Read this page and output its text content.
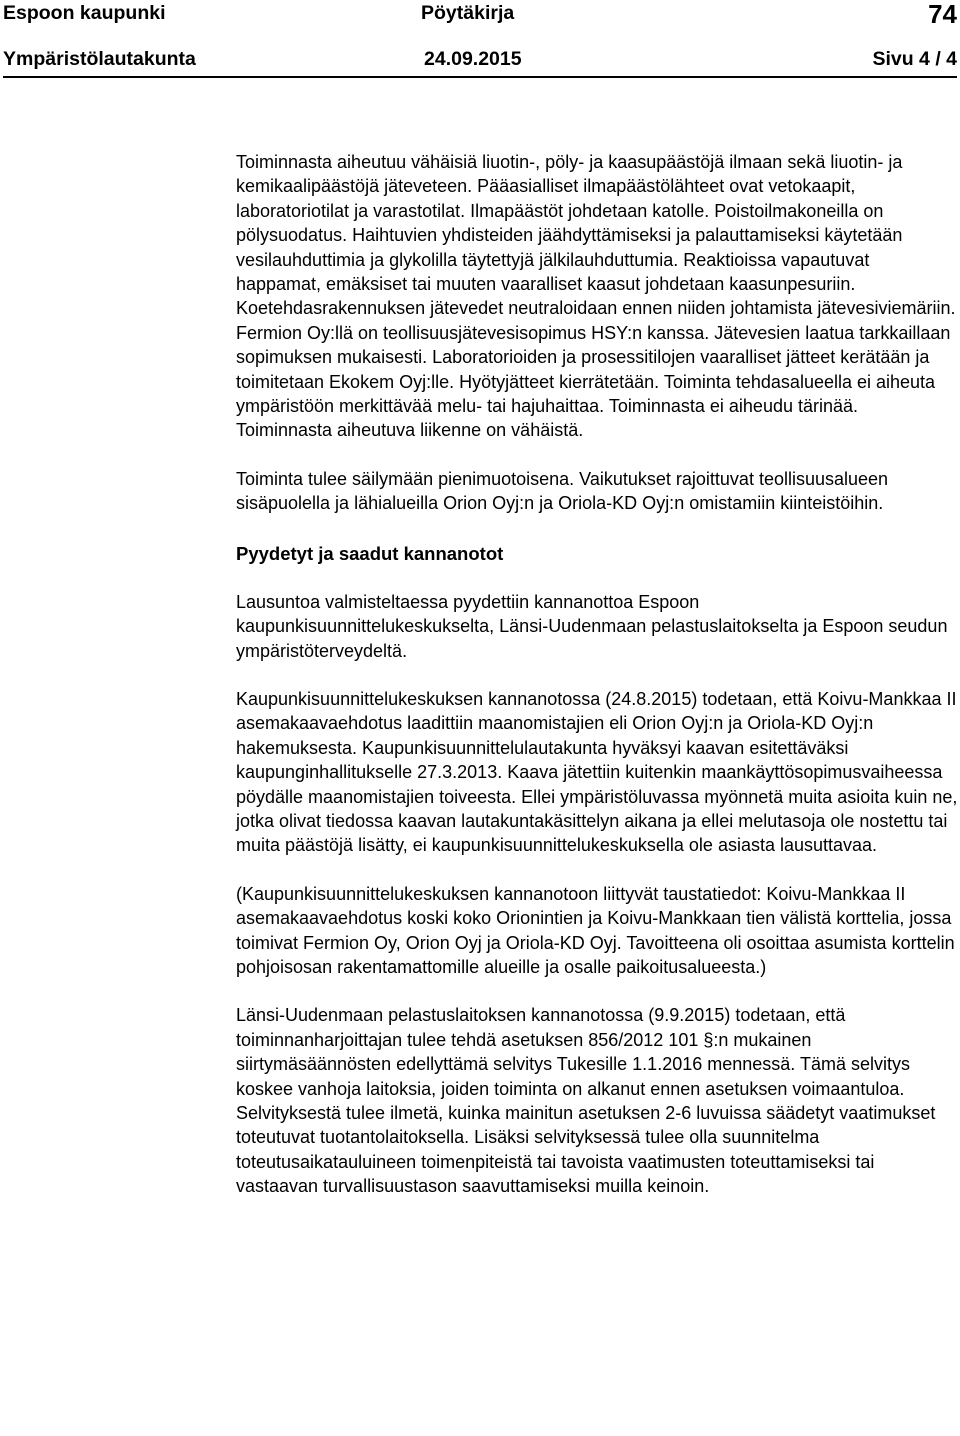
Espoon kaupunki	Pöytäkirja	74
Ympäristölautakunta	24.09.2015	Sivu 4 / 4

Toiminnasta aiheutuu vähäisiä liuotin-, pöly- ja kaasupäästöjä ilmaan sekä liuotin- ja kemikaalipäästöjä jäteveteen. Pääasialliset ilmapäästölähteet ovat vetokaapit, laboratoriotilat ja varastotilat. Ilmapäästöt johdetaan katolle. Poistoilmakoneilla on pölysuodatus. Haihtuvien yhdisteiden jäähdyttämiseksi ja palauttamiseksi käytetään vesilauhduttimia ja glykolilla täytettyjä jälkilauhduttumia. Reaktioissa vapautuvat happamat, emäksiset tai muuten vaaralliset kaasut johdetaan kaasunpesuriin. Koetehdasrakennuksen jätevedet neutraloidaan ennen niiden johtamista jätevesiviemäriin. Fermion Oy:llä on teollisuusjätevesisopimus HSY:n kanssa. Jätevesien laatua tarkkaillaan sopimuksen mukaisesti. Laboratorioiden ja prosessitilojen vaaralliset jätteet kerätään ja toimitetaan Ekokem Oyj:lle. Hyötyjätteet kierrätetään. Toiminta tehdasalueella ei aiheuta ympäristöön merkittävää melu- tai hajuhaittaa. Toiminnasta ei aiheudu tärinää. Toiminnasta aiheutuva liikenne on vähäistä.

Toiminta tulee säilymään pienimuotoisena. Vaikutukset rajoittuvat teollisuusalueen sisäpuolella ja lähialueilla Orion Oyj:n ja Oriola-KD Oyj:n omistamiin kiinteistöihin.

Pyydetyt ja saadut kannanotot

Lausuntoa valmisteltaessa pyydettiin kannanottoa Espoon kaupunkisuunnittelukeskukselta, Länsi-Uudenmaan pelastuslaitokselta ja Espoon seudun ympäristöterveydeltä.

Kaupunkisuunnittelukeskuksen kannanotossa (24.8.2015) todetaan, että Koivu-Mankkaa II asemakaavaehdotus laadittiin maanomistajien eli Orion Oyj:n ja Oriola-KD Oyj:n hakemuksesta. Kaupunkisuunnittelulautakunta hyväksyi kaavan esitettäväksi kaupunginhallitukselle 27.3.2013. Kaava jätettiin kuitenkin maankäyttösopimusvaiheessa pöydälle maanomistajien toiveesta. Ellei ympäristöluvassa myönnetä muita asioita kuin ne, jotka olivat tiedossa kaavan lautakuntakäsittelyn aikana ja ellei melutasoja ole nostettu tai muita päästöjä lisätty, ei kaupunkisuunnittelukeskuksella ole asiasta lausuttavaa.

(Kaupunkisuunnittelukeskuksen kannanotoon liittyvät taustatiedot: Koivu-Mankkaa II asemakaavaehdotus koski koko Orionintien ja Koivu-Mankkaan tien välistä korttelia, jossa toimivat Fermion Oy, Orion Oyj ja Oriola-KD Oyj. Tavoitteena oli osoittaa asumista korttelin pohjoisosan rakentamattomille alueille ja osalle paikoitusalueesta.)

Länsi-Uudenmaan pelastuslaitoksen kannanotossa (9.9.2015) todetaan, että toiminnanharjoittajan tulee tehdä asetuksen 856/2012 101 §:n mukainen siirtymäsäännösten edellyttämä selvitys Tukesille 1.1.2016 mennessä. Tämä selvitys koskee vanhoja laitoksia, joiden toiminta on alkanut ennen asetuksen voimaantuloa. Selvityksestä tulee ilmetä, kuinka mainitun asetuksen 2-6 luvuissa säädetyt vaatimukset toteutuvat tuotantolaitoksella. Lisäksi selvityksessä tulee olla suunnitelma toteutusaikatauluineen toimenpiteistä tai tavoista vaatimusten toteuttamiseksi tai vastaavan turvallisuustason saavuttamiseksi muilla keinoin.
